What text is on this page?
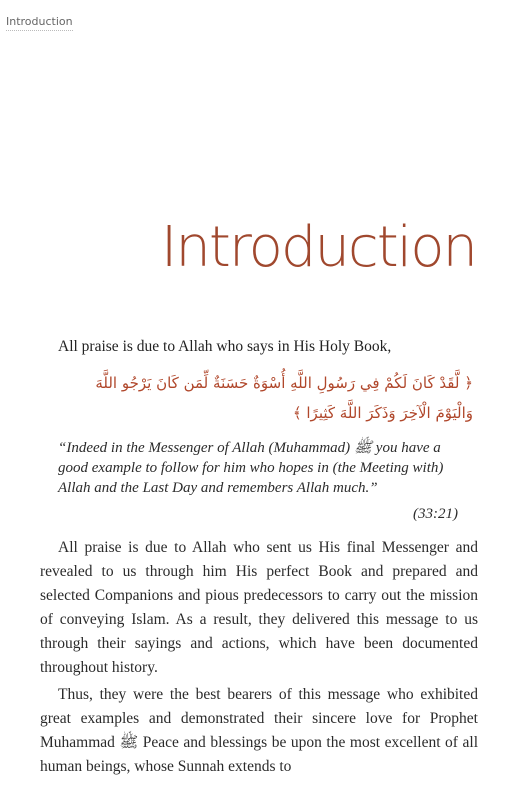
Introduction
Introduction
All praise is due to Allah who says in His Holy Book,
﴿ لَّقَدْ كَانَ لَكُمْ فِي رَسُولِ اللَّهِ أُسْوَةٌ حَسَنَةٌ لِّمَن كَانَ يَرْجُو اللَّهَ وَالْيَوْمَ الْآخِرَ وَذَكَرَ اللَّهَ كَثِيرًا ﴾

“Indeed in the Messenger of Allah (Muhammad) ﷺ you have a good example to follow for him who hopes in (the Meeting with) Allah and the Last Day and remembers Allah much.”

(33:21)

All praise is due to Allah who sent us His final Messenger and revealed to us through him His perfect Book and prepared and selected Companions and pious predecessors to carry out the mission of conveying Islam. As a result, they delivered this message to us through their sayings and actions, which have been documented throughout history.

Thus, they were the best bearers of this message who exhibited great examples and demonstrated their sincere love for Prophet Muhammad ﷺ Peace and blessings be upon the most excellent of all human beings, whose Sunnah extends to
